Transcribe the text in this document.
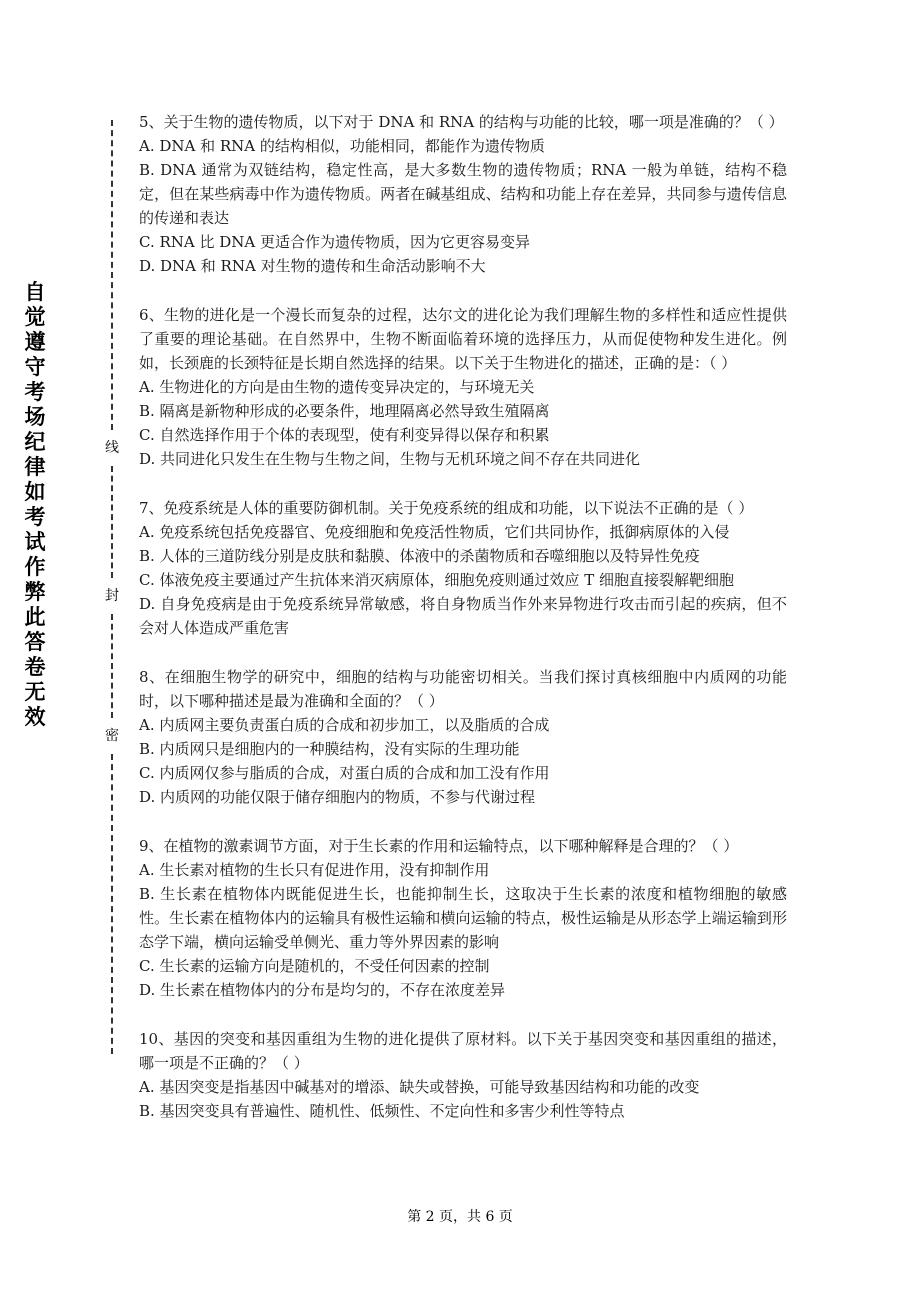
自
觉
遵
守
考
场
纪
律
如
考
试
作
弊
此
答
卷
无
效
线
封
密

5、关于生物的遗传物质，以下对于 DNA 和 RNA 的结构与功能的比较，哪一项是准确的？（ ）

A. DNA 和 RNA 的结构相似，功能相同，都能作为遗传物质

B. DNA 通常为双链结构，稳定性高，是大多数生物的遗传物质；RNA 一般为单链，结构不稳定，但在某些病毒中作为遗传物质。两者在碱基组成、结构和功能上存在差异，共同参与遗传信息的传递和表达

C. RNA 比 DNA 更适合作为遗传物质，因为它更容易变异

D. DNA 和 RNA 对生物的遗传和生命活动影响不大

6、生物的进化是一个漫长而复杂的过程，达尔文的进化论为我们理解生物的多样性和适应性提供了重要的理论基础。在自然界中，生物不断面临着环境的选择压力，从而促使物种发生进化。例如，长颈鹿的长颈特征是长期自然选择的结果。以下关于生物进化的描述，正确的是：（ ）

A. 生物进化的方向是由生物的遗传变异决定的，与环境无关

B. 隔离是新物种形成的必要条件，地理隔离必然导致生殖隔离

C. 自然选择作用于个体的表现型，使有利变异得以保存和积累

D. 共同进化只发生在生物与生物之间，生物与无机环境之间不存在共同进化

7、免疫系统是人体的重要防御机制。关于免疫系统的组成和功能，以下说法不正确的是（ ）

A. 免疫系统包括免疫器官、免疫细胞和免疫活性物质，它们共同协作，抵御病原体的入侵

B. 人体的三道防线分别是皮肤和黏膜、体液中的杀菌物质和吞噬细胞以及特异性免疫

C. 体液免疫主要通过产生抗体来消灭病原体，细胞免疫则通过效应 T 细胞直接裂解靶细胞

D. 自身免疫病是由于免疫系统异常敏感，将自身物质当作外来异物进行攻击而引起的疾病，但不会对人体造成严重危害

8、在细胞生物学的研究中，细胞的结构与功能密切相关。当我们探讨真核细胞中内质网的功能时，以下哪种描述是最为准确和全面的？（ ）

A. 内质网主要负责蛋白质的合成和初步加工，以及脂质的合成

B. 内质网只是细胞内的一种膜结构，没有实际的生理功能

C. 内质网仅参与脂质的合成，对蛋白质的合成和加工没有作用

D. 内质网的功能仅限于储存细胞内的物质，不参与代谢过程

9、在植物的激素调节方面，对于生长素的作用和运输特点，以下哪种解释是合理的？（ ）

A. 生长素对植物的生长只有促进作用，没有抑制作用

B. 生长素在植物体内既能促进生长，也能抑制生长，这取决于生长素的浓度和植物细胞的敏感性。生长素在植物体内的运输具有极性运输和横向运输的特点，极性运输是从形态学上端运输到形态学下端，横向运输受单侧光、重力等外界因素的影响

C. 生长素的运输方向是随机的，不受任何因素的控制

D. 生长素在植物体内的分布是均匀的，不存在浓度差异

10、基因的突变和基因重组为生物的进化提供了原材料。以下关于基因突变和基因重组的描述，哪一项是不正确的？（ ）

A. 基因突变是指基因中碱基对的增添、缺失或替换，可能导致基因结构和功能的改变

B. 基因突变具有普遍性、随机性、低频性、不定向性和多害少利性等特点

第 2 页，共 6 页
